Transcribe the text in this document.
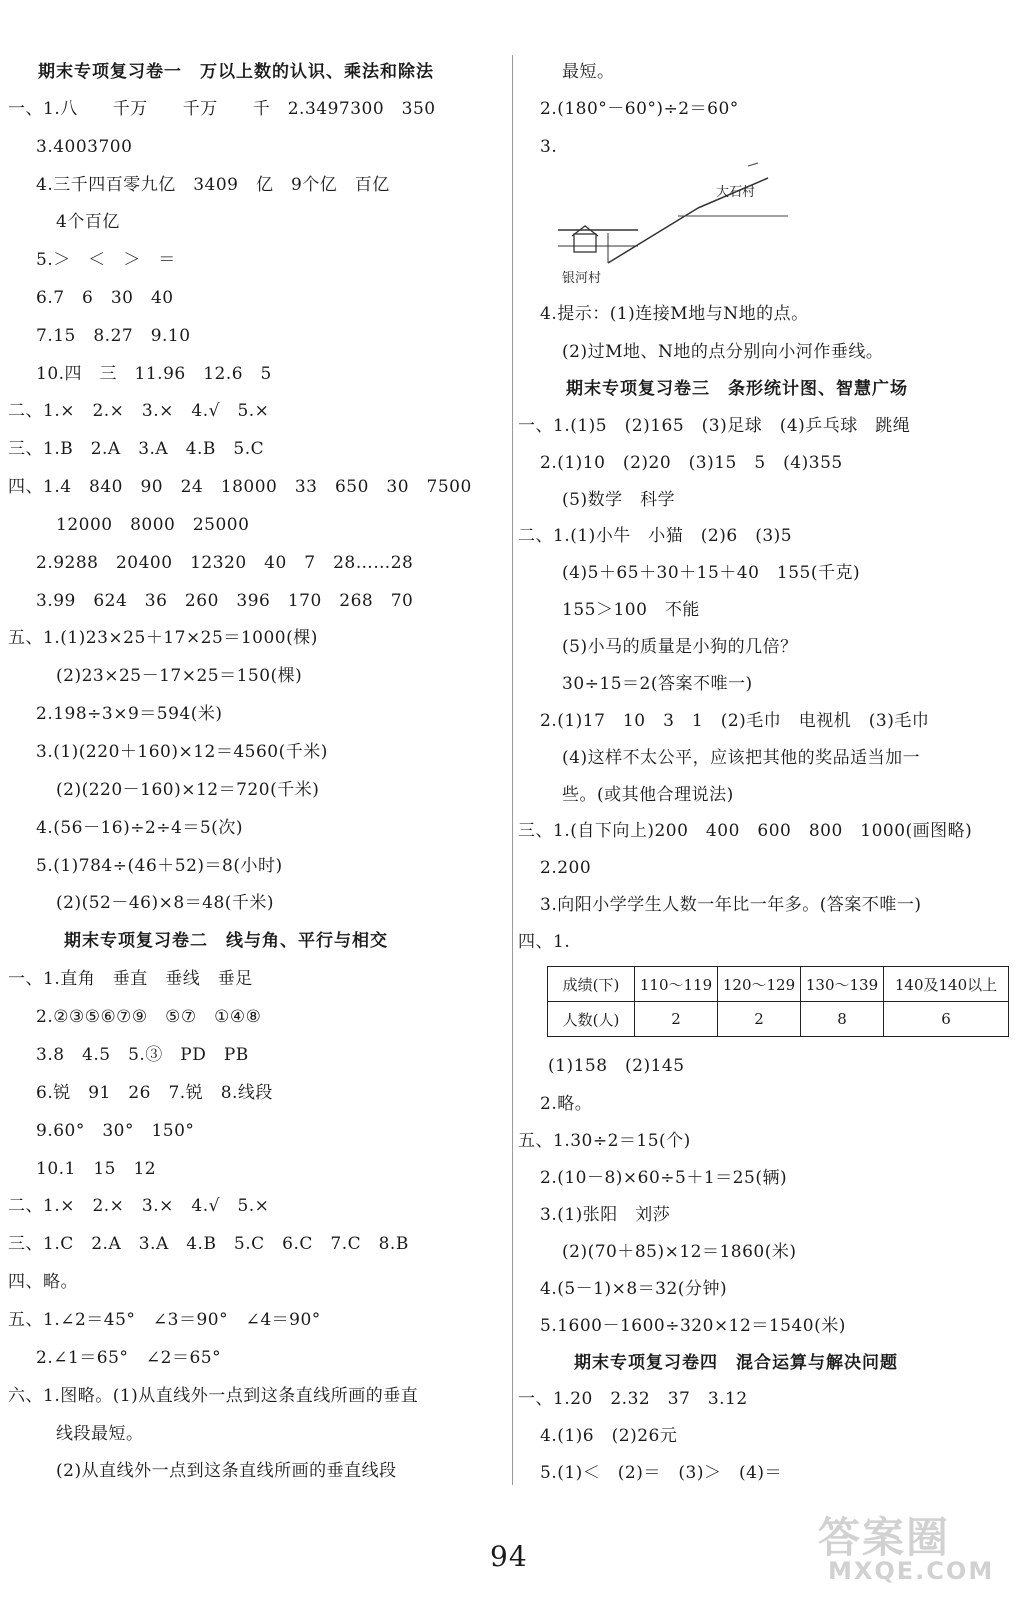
期末专项复习卷一　万以上数的认识、乘法和除法
一、1.八　　千万　　千万　　千　2.3497300　350
3.4003700
4.三千四百零九亿　3409　亿　9个亿　百亿
4个百亿
5.＞　＜　＞　＝
6.7　6　30　40
7.15　8.27　9.10
10.四　三　11.96　12.6　5
二、1.×　2.×　3.×　4.√　5.×
三、1.B　2.A　3.A　4.B　5.C
四、1.4　840　90　24　18000　33　650　30　7500
12000　8000　25000
2.9288　20400　12320　40　7　28……28
3.99　624　36　260　396　170　268　70
五、1.(1)23×25＋17×25＝1000(棵)
(2)23×25－17×25＝150(棵)
2.198÷3×9＝594(米)
3.(1)(220＋160)×12＝4560(千米)
(2)(220－160)×12＝720(千米)
4.(56－16)÷2÷4＝5(次)
5.(1)784÷(46＋52)＝8(小时)
(2)(52－46)×8＝48(千米)
期末专项复习卷二　线与角、平行与相交
一、1.直角　垂直　垂线　垂足
2.②③⑤⑥⑦⑨　⑤⑦　①④⑧
3.8　4.5　5.③　PD　PB
6.锐　91　26　7.锐　8.线段
9.60°　30°　150°
10.1　15　12
二、1.×　2.×　3.×　4.√　5.×
三、1.C　2.A　3.A　4.B　5.C　6.C　7.C　8.B
四、略。
五、1.∠2＝45°　∠3＝90°　∠4＝90°
2.∠1＝65°　∠2＝65°
六、1.图略。(1)从直线外一点到这条直线所画的垂直
线段最短。
(2)从直线外一点到这条直线所画的垂直线段
最短。
2.(180°－60°)÷2＝60°
3.
4.提示：(1)连接M地与N地的点。
(2)过M地、N地的点分别向小河作垂线。
期末专项复习卷三　条形统计图、智慧广场
一、1.(1)5　(2)165　(3)足球　(4)乒乓球　跳绳
2.(1)10　(2)20　(3)15　5　(4)355
(5)数学　科学
二、1.(1)小牛　小猫　(2)6　(3)5
(4)5＋65＋30＋15＋40　155(千克)
155＞100　不能
(5)小马的质量是小狗的几倍？
30÷15＝2(答案不唯一)
2.(1)17　10　3　1　(2)毛巾　电视机　(3)毛巾
(4)这样不太公平，应该把其他的奖品适当加一
些。(或其他合理说法)
三、1.(自下向上)200　400　600　800　1000(画图略)
2.200
3.向阳小学学生人数一年比一年多。(答案不唯一)
四、1.
(1)158　(2)145
2.略。
五、1.30÷2＝15(个)
2.(10－8)×60÷5＋1＝25(辆)
3.(1)张阳　刘莎
(2)(70＋85)×12＝1860(米)
4.(5－1)×8＝32(分钟)
5.1600－1600÷320×12＝1540(米)
期末专项复习卷四　混合运算与解决问题
一、1.20　2.32　37　3.12
4.(1)6　(2)26元
5.(1)＜　(2)＝　(3)＞　(4)＝
大石村
银河村
成绩(下)	110～119	120～129	130～139	140及140以上
人数(人)	2	2	8	6
94	答案圈
MXQE.COM
